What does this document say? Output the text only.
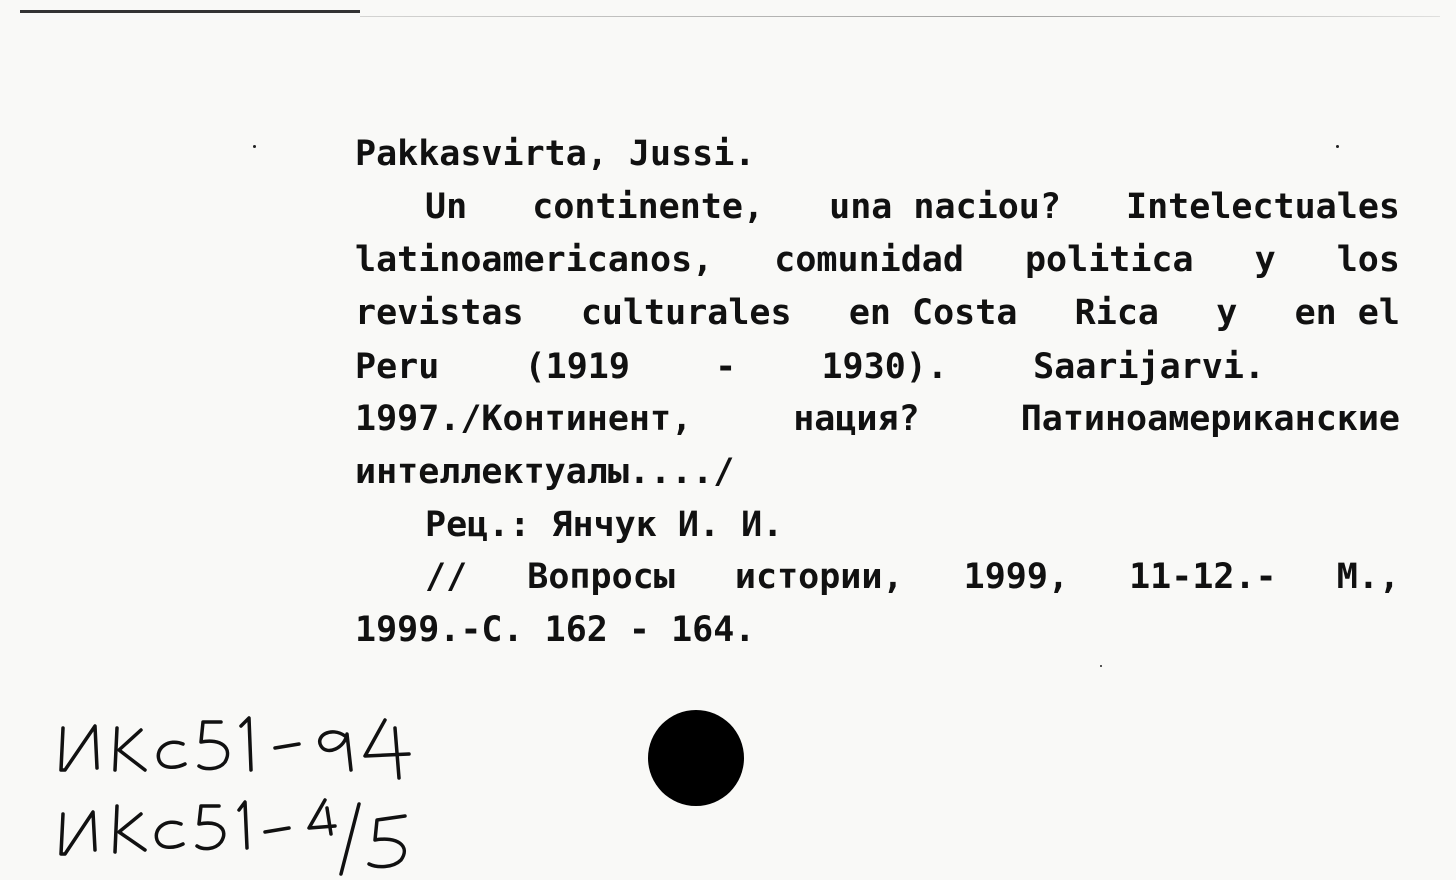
Pakkasvirta, Jussi.
Un continente, una naciou? Intelectuales
latinoamericanos, comunidad politica y los
revistas culturales en Costa Rica y en el
Peru (1919 - 1930). Saarijarvi.
1997./Континент,	нация?	Патиноамериканские
интеллектуалы..../
Рец.: Янчук И. И.
// Вопросы истории, 1999, 11-12.- М.,
1999.-С. 162 - 164.
